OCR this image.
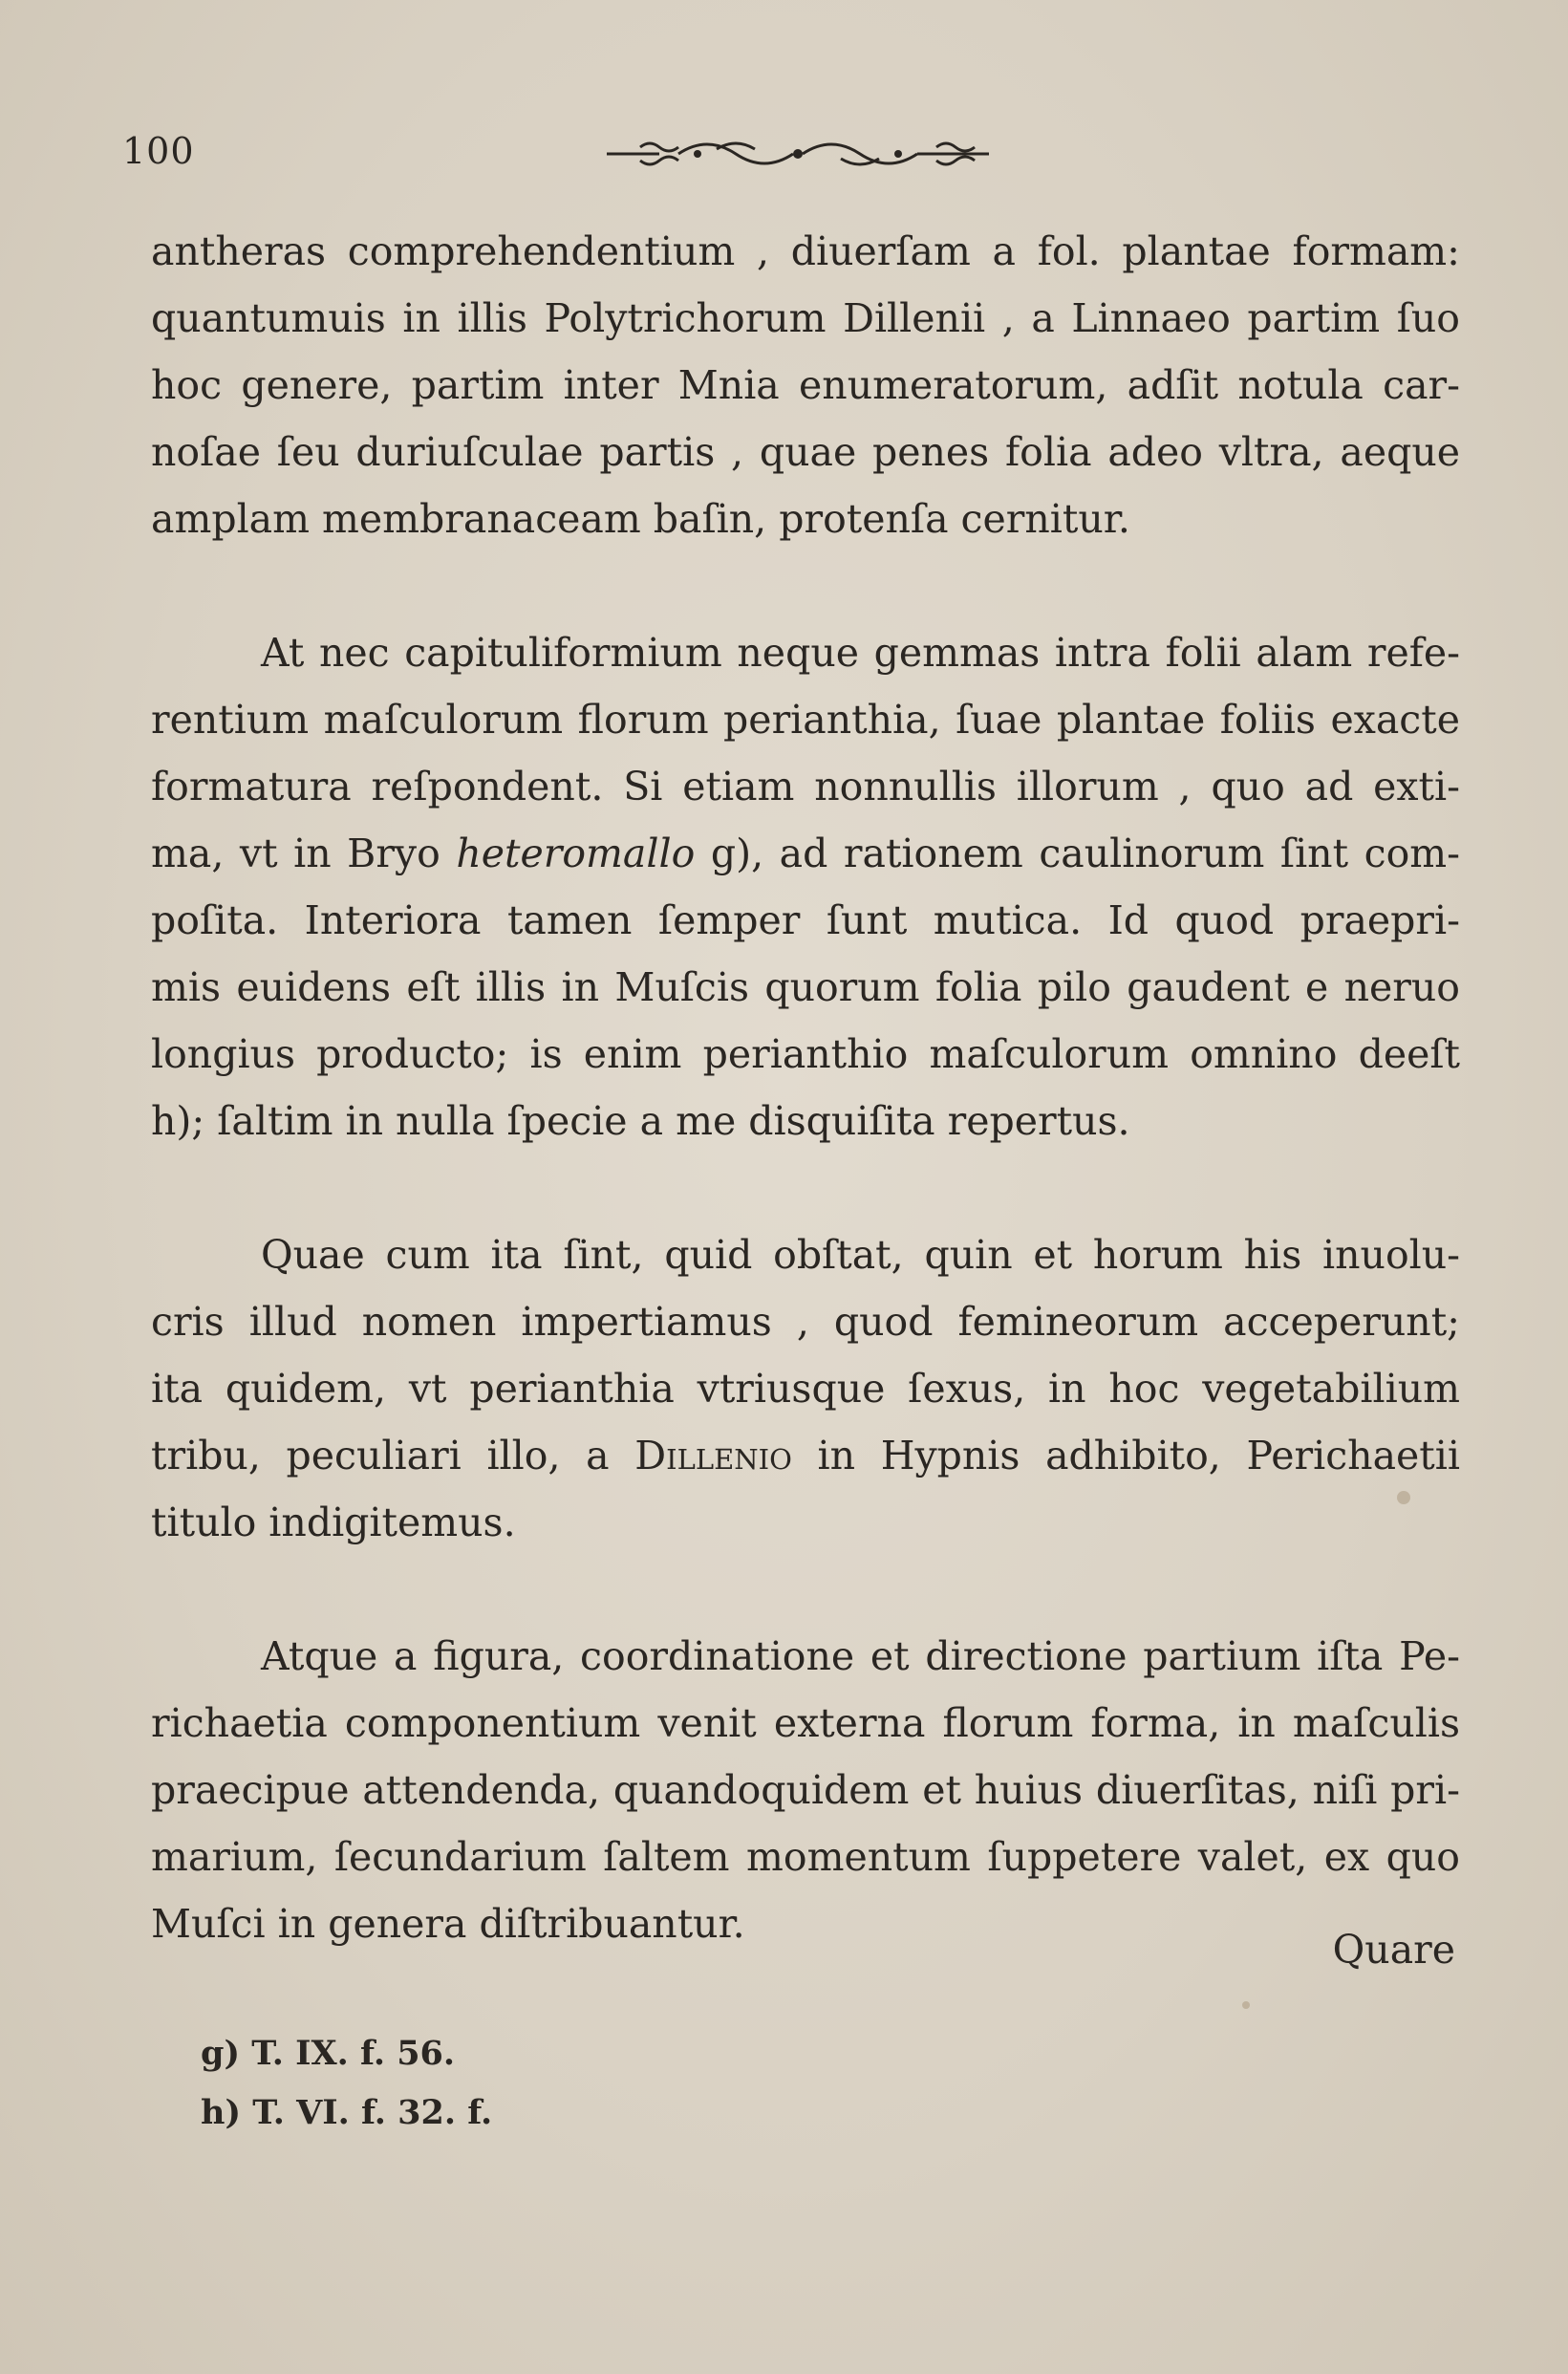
100
antheras comprehendentium , diuerſam a fol. plantae formam:
quantumuis in illis Polytrichorum Dillenii , a Linnaeo partim ſuo
hoc genere, partim inter Mnia enumeratorum, adſit notula car-
noſae ſeu duriuſculae partis , quae penes folia adeo vltra, aeque
amplam membranaceam baſin, protenſa cernitur.
At nec capituliformium neque gemmas intra folii alam refe-
rentium maſculorum florum perianthia, ſuae plantae foliis exacte
formatura reſpondent. Si etiam nonnullis illorum , quo ad exti-
ma, vt in Bryo heteromallo g), ad rationem caulinorum ſint com-
poſita. Interiora tamen ſemper ſunt mutica. Id quod praepri-
mis euidens eſt illis in Muſcis quorum folia pilo gaudent e neruo
longius producto; is enim perianthio maſculorum omnino deeſt
h); ſaltim in nulla ſpecie a me disquiſita repertus.
Quae cum ita ſint, quid obſtat, quin et horum his inuolu-
cris illud nomen impertiamus , quod femineorum acceperunt;
ita quidem, vt perianthia vtriusque ſexus, in hoc vegetabilium
tribu, peculiari illo, a Dillenio in Hypnis adhibito, Perichaetii
titulo indigitemus.
Atque a figura, coordinatione et directione partium iſta Pe-
richaetia componentium venit externa florum forma, in maſculis
praecipue attendenda, quandoquidem et huius diuerſitas, niſi pri-
marium, ſecundarium ſaltem momentum ſuppetere valet, ex quo
Muſci in genera diſtribuantur.
Quare
g) T. IX. f. 56.
h) T. VI. f. 32. f.
